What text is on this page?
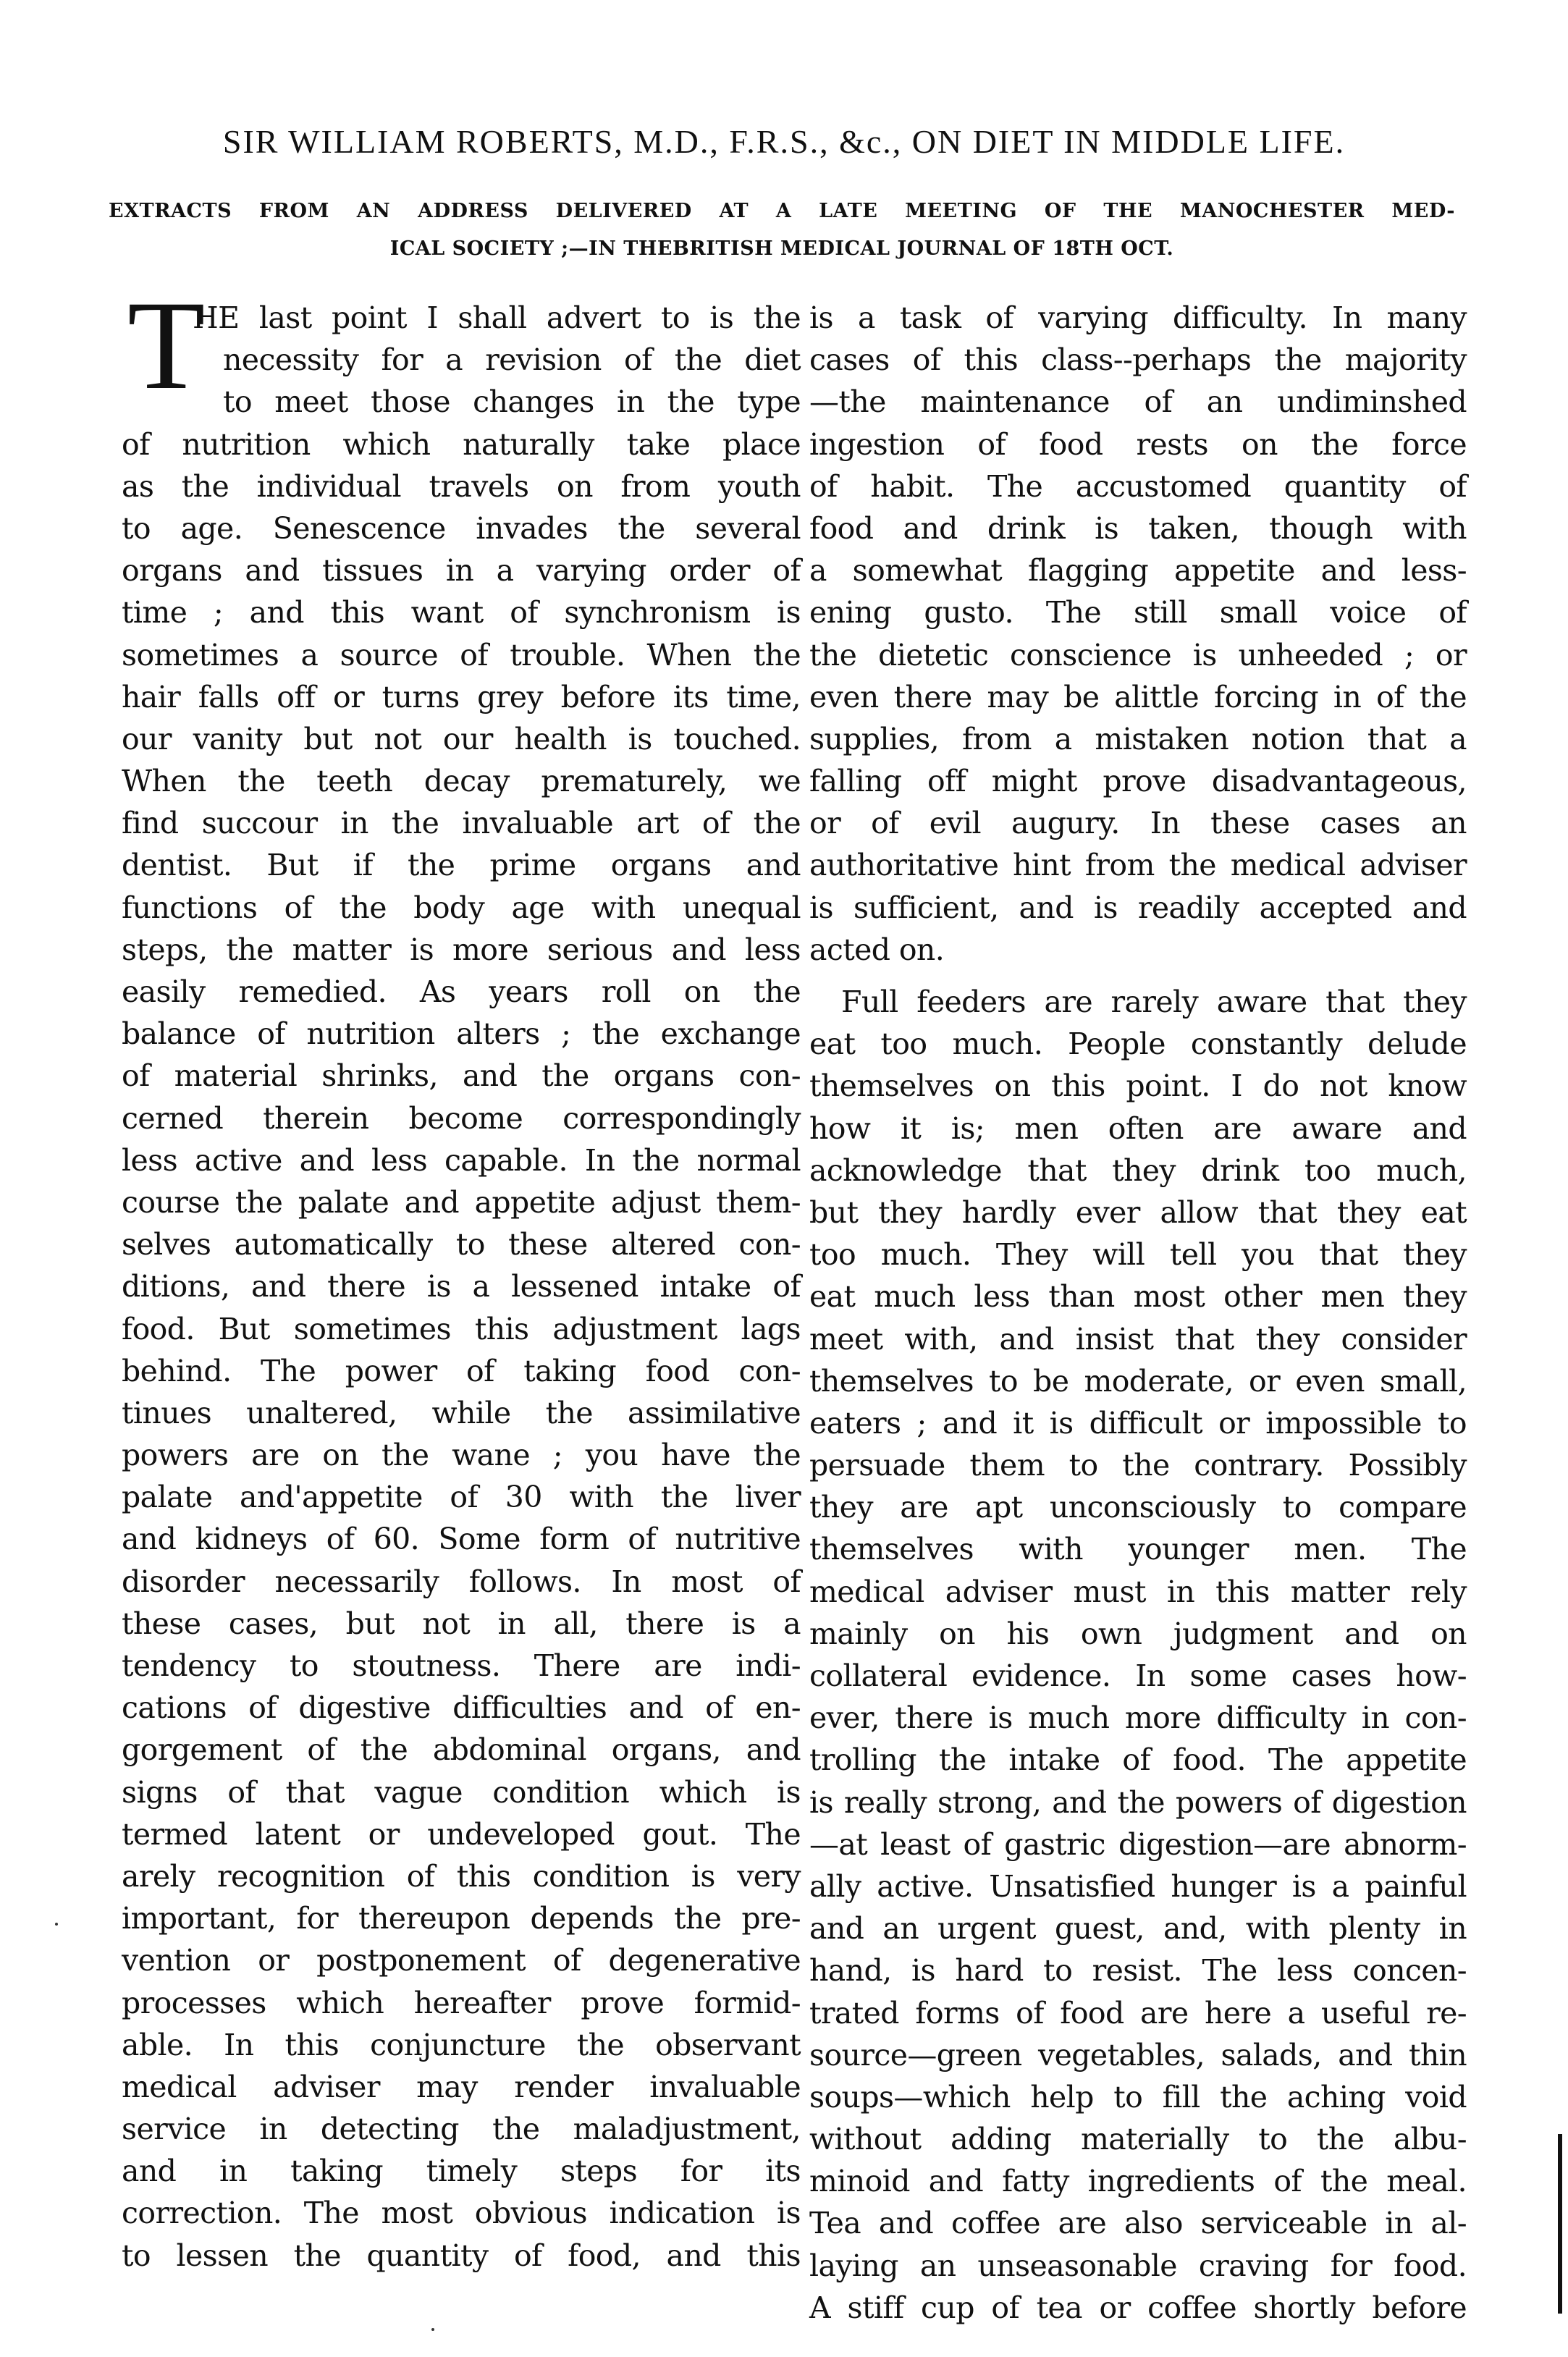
SIR WILLIAM ROBERTS, M.D., F.R.S., &c., ON DIET IN MIDDLE LIFE.
EXTRACTS FROM AN ADDRESS DELIVERED AT A LATE MEETING OF THE MANOCHESTER MED-
ICAL SOCIETY ;—IN THEBRITISH MEDICAL JOURNAL OF 18TH OCT.
T
HE last point I shall advert to is the
necessity for a revision of the diet
to meet those changes in the type
of nutrition which naturally take place
as the individual travels on from youth
to age. Senescence invades the several
organs and tissues in a varying order of
time ; and this want of synchronism is
sometimes a source of trouble. When the
hair falls off or turns grey before its time,
our vanity but not our health is touched.
When the teeth decay prematurely, we
find succour in the invaluable art of the
dentist. But if the prime organs and
functions of the body age with unequal
steps, the matter is more serious and less
easily remedied. As years roll on the
balance of nutrition alters ; the exchange
of material shrinks, and the organs con-
cerned therein become correspondingly
less active and less capable. In the normal
course the palate and appetite adjust them-
selves automatically to these altered con-
ditions, and there is a lessened intake of
food. But sometimes this adjustment lags
behind. The power of taking food con-
tinues unaltered, while the assimilative
powers are on the wane ; you have the
palate and'appetite of 30 with the liver
and kidneys of 60. Some form of nutritive
disorder necessarily follows. In most of
these cases, but not in all, there is a
tendency to stoutness. There are indi-
cations of digestive difficulties and of en-
gorgement of the abdominal organs, and
signs of that vague condition which is
termed latent or undeveloped gout. The
arely recognition of this condition is very
important, for thereupon depends the pre-
vention or postponement of degenerative
processes which hereafter prove formid-
able. In this conjuncture the observant
medical adviser may render invaluable
service in detecting the maladjustment,
and in taking timely steps for its
correction. The most obvious indication is
to lessen the quantity of food, and this
is a task of varying difficulty. In many
cases of this class--perhaps the majority
—the maintenance of an undiminshed
ingestion of food rests on the force
of habit. The accustomed quantity of
food and drink is taken, though with
a somewhat flagging appetite and less-
ening gusto. The still small voice of
the dietetic conscience is unheeded ; or
even there may be alittle forcing in of the
supplies, from a mistaken notion that a
falling off might prove disadvantageous,
or of evil augury. In these cases an
authoritative hint from the medical adviser
is sufficient, and is readily accepted and
acted on.
Full feeders are rarely aware that they
eat too much. People constantly delude
themselves on this point. I do not know
how it is; men often are aware and
acknowledge that they drink too much,
but they hardly ever allow that they eat
too much. They will tell you that they
eat much less than most other men they
meet with, and insist that they consider
themselves to be moderate, or even small,
eaters ; and it is difficult or impossible to
persuade them to the contrary. Possibly
they are apt unconsciously to compare
themselves with younger men. The
medical adviser must in this matter rely
mainly on his own judgment and on
collateral evidence. In some cases how-
ever, there is much more difficulty in con-
trolling the intake of food. The appetite
is really strong, and the powers of digestion
—at least of gastric digestion—are abnorm-
ally active. Unsatisfied hunger is a painful
and an urgent guest, and, with plenty in
hand, is hard to resist. The less concen-
trated forms of food are here a useful re-
source—green vegetables, salads, and thin
soups—which help to fill the aching void
without adding materially to the albu-
minoid and fatty ingredients of the meal.
Tea and coffee are also serviceable in al-
laying an unseasonable craving for food.
A stiff cup of tea or coffee shortly before
